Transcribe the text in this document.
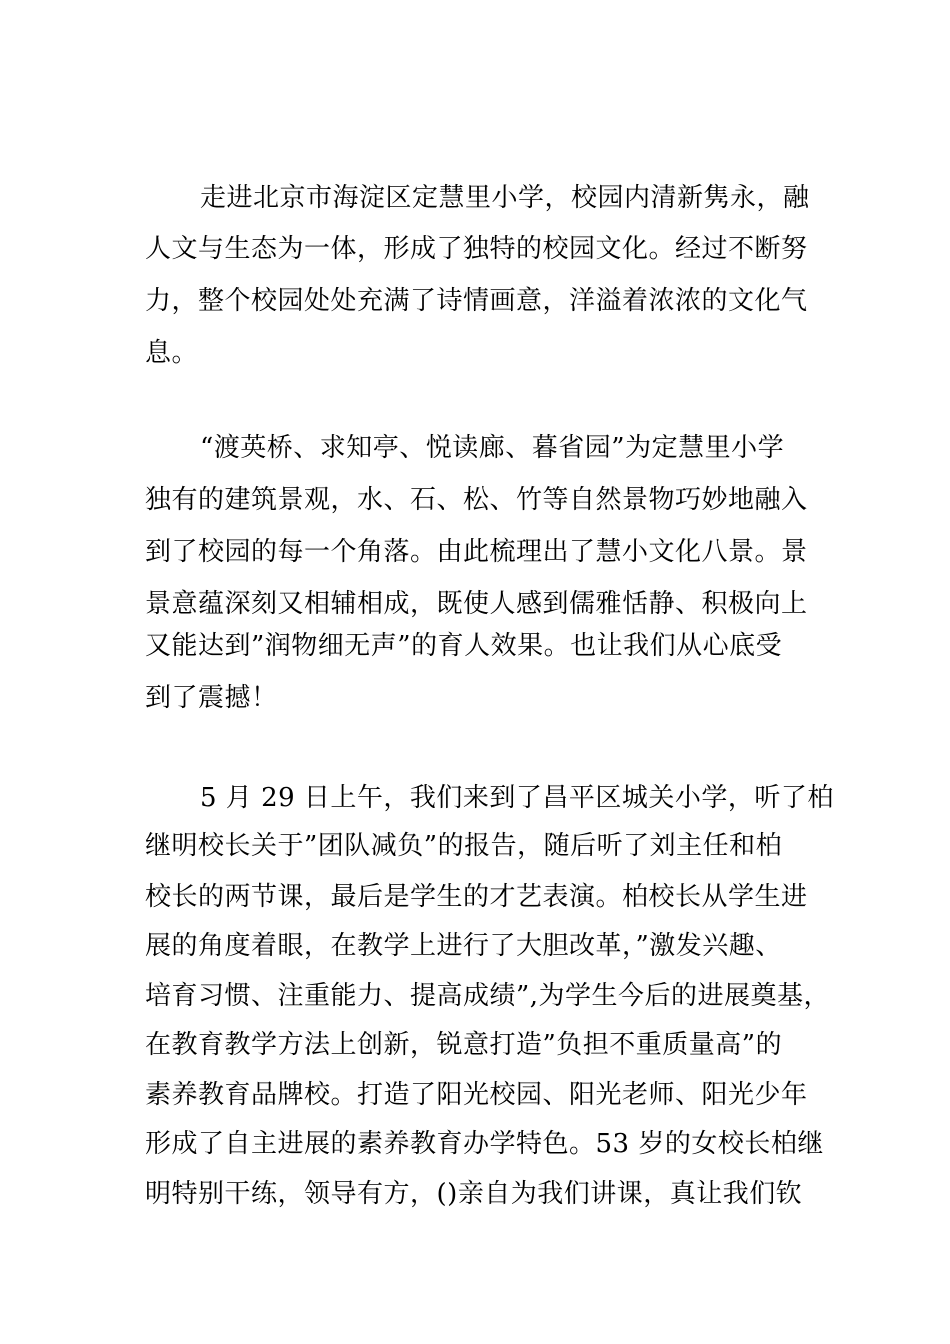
走进北京市海淀区定慧里小学，校园内清新隽永，融
人文与生态为一体，形成了独特的校园文化。经过不断努
力，整个校园处处充满了诗情画意，洋溢着浓浓的文化气
息。
“渡英桥、求知亭、悦读廊、暮省园”为定慧里小学
独有的建筑景观，水、石、松、竹等自然景物巧妙地融入
到了校园的每一个角落。由此梳理出了慧小文化八景。景
景意蕴深刻又相辅相成，既使人感到儒雅恬静、积极向上
又能达到”润物细无声”的育人效果。也让我们从心底受
到了震撼！
5 月 29 日上午，我们来到了昌平区城关小学，听了柏
继明校长关于”团队减负”的报告，随后听了刘主任和柏
校长的两节课，最后是学生的才艺表演。柏校长从学生进
展的角度着眼，在教学上进行了大胆改革，”激发兴趣、
培育习惯、注重能力、提高成绩”,为学生今后的进展奠基，
在教育教学方法上创新，锐意打造”负担不重质量高”的
素养教育品牌校。打造了阳光校园、阳光老师、阳光少年
形成了自主进展的素养教育办学特色。53 岁的女校长柏继
明特别干练，领导有方，()亲自为我们讲课，真让我们钦
